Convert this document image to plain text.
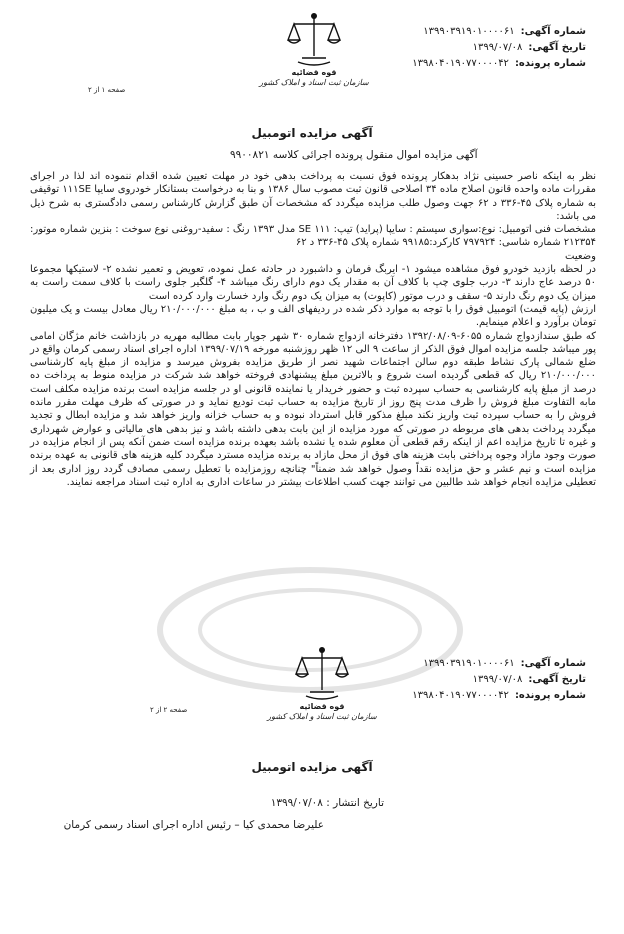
شماره آگهی:۱۳۹۹۰۳۹۱۹۰۱۰۰۰۰۶۱
تاریخ آگهی:۱۳۹۹/۰۷/۰۸
شماره پرونده:۱۳۹۸۰۴۰۱۹۰۷۷۰۰۰۰۴۲
قوه قضائیه
سازمان ثبت اسناد و املاک کشور
صفحه ۱ از ۲
آگهی مزایده اتومبیل
آگهی مزایده اموال منقول پرونده اجرائی کلاسه ۹۹۰۰۸۲۱

نظر به اینکه ناصر حسینی نژاد بدهکار پرونده فوق نسبت به پرداخت بدهی خود در مهلت تعیین شده اقدام ننموده اند لذا در اجرای مقررات ماده واحده قانون اصلاح ماده ۳۴ اصلاحی قانون ثبت مصوب سال ۱۳۸۶ و بنا به درخواست بستانکار خودروی سایپا ۱۱۱SE توقیفی به شماره پلاک ۴۵-۳۳۶ د ۶۲ جهت وصول طلب مزایده میگردد که مشخصات آن طبق گزارش کارشناس رسمی دادگستری به شرح ذیل می باشد:

مشخصات فنی اتومبیل: نوع:سواری سیستم : سایپا (پراید) تیپ: ۱۱۱ SE مدل ۱۳۹۳ رنگ : سفید-روغنی نوع سوخت : بنزین شماره موتور: ۲۱۲۳۵۴ شماره شاسی: ۷۹۷۹۲۴ کارکرد:۹۹۱۸۵ شماره پلاک ۴۵-۳۳۶ د ۶۲

وضعیت

در لحظه بازدید خودرو فوق مشاهده میشود ۱- ایربگ فرمان و داشبورد در حادثه عمل نموده، تعویض و تعمیر نشده ۲- لاستیکها مجموعا ۵۰ درصد عاج دارند ۳- درب جلوی چپ با کلاف آن به مقدار یک دوم دارای رنگ میباشد ۴- گلگیر جلوی راست با کلاف سمت راست به میزان یک دوم رنگ دارند ۵- سقف و درب موتور (کاپوت) به میزان یک دوم رنگ وارد خسارت وارد کرده است

ارزش (پایه قیمت) اتومبیل فوق را با توجه به موارد ذکر شده در ردیفهای الف و ب ، به مبلغ ۲۱۰/۰۰۰/۰۰۰ ریال معادل بیست و یک میلیون تومان برآورد و اعلام مینمایم.

که طبق سندازدواج شماره ۶۰۵۵-۱۳۹۲/۰۸/۰۹ دفترخانه ازدواج شماره ۳۰ شهر جوپار بابت مطالبه مهریه در بازداشت خانم مژگان امامی پور میباشد جلسه مزایده اموال فوق الذکر از ساعت ۹ الی ۱۲ ظهر روزشنبه مورخه ۱۳۹۹/۰۷/۱۹ اداره اجرای اسناد رسمی کرمان واقع در ضلع شمالی پارک نشاط طبقه دوم سالن اجتماعات شهید نصر از طریق مزایده بفروش میرسد و مزایده از مبلغ پایه کارشناسی ۲۱۰/۰۰۰/۰۰۰ ریال که قطعی گردیده است شروع و بالاترین مبلغ پیشنهادی فروخته خواهد شد شرکت در مزایده منوط به پرداخت ده درصد از مبلغ پایه کارشناسی به حساب سپرده ثبت و حضور خریدار یا نماینده قانونی او در جلسه مزایده است برنده مزایده مکلف است مابه التفاوت مبلغ فروش را ظرف مدت پنج روز از تاریخ مزایده به حساب ثبت تودیع نماید و در صورتی که ظرف مهلت مقرر مانده فروش را به حساب سپرده ثبت واریز نکند مبلغ مذکور قابل استرداد نبوده و به حساب خزانه واریز خواهد شد و مزایده ابطال و تجدید میگردد پرداخت بدهی های مربوطه در صورتی که مورد مزایده از این بابت بدهی داشته باشد و نیز بدهی های مالیاتی و عوارض شهرداری و غیره تا تاریخ مزایده اعم از اینکه رقم قطعی آن معلوم شده یا نشده باشد بعهده برنده مزایده است ضمن آنکه پس از انجام مزایده در صورت وجود مازاد وجوه پرداختی بابت هزینه های فوق از محل مازاد به برنده مزایده مسترد میگردد کلیه هزینه های قانونی به عهده برنده مزایده است و نیم عشر و حق مزایده نقداً وصول خواهد شد ضمناً" چنانچه روزمزایده با تعطیل رسمی مصادف گردد روز اداری بعد از تعطیلی مزایده انجام خواهد شد طالبین می توانند جهت کسب اطلاعات بیشتر در ساعات اداری به اداره ثبت اسناد مراجعه نمایند.

شماره آگهی:۱۳۹۹۰۳۹۱۹۰۱۰۰۰۰۶۱
تاریخ آگهی:۱۳۹۹/۰۷/۰۸
شماره پرونده:۱۳۹۸۰۴۰۱۹۰۷۷۰۰۰۰۴۲
قوه قضائیه
سازمان ثبت اسناد و املاک کشور
صفحه ۲ از ۲
آگهی مزایده اتومبیل
تاریخ انتشار : ۱۳۹۹/۰۷/۰۸
علیرضا محمدی کیا – رئیس اداره اجرای اسناد رسمی کرمان
